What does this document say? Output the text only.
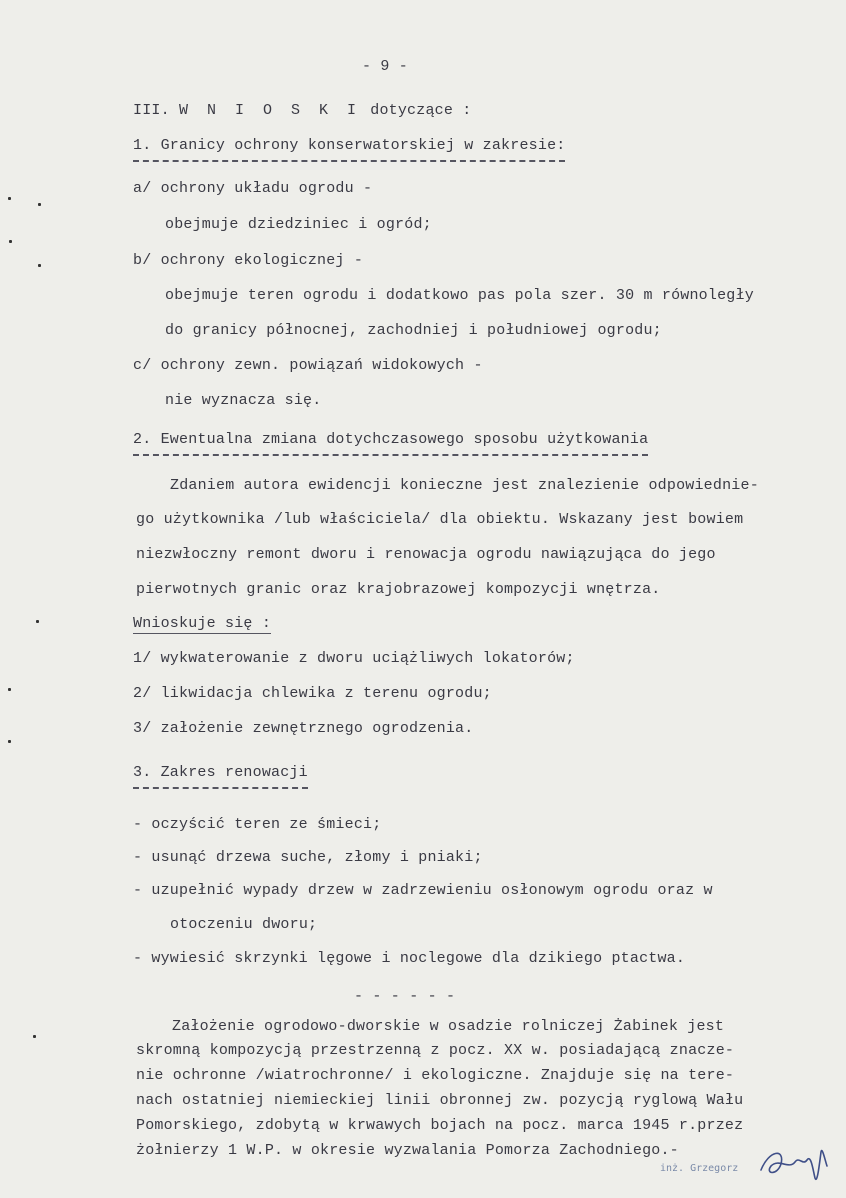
- 9 -
III. W N I O S K I dotyczące :
1. Granicy ochrony konserwatorskiej w zakresie:
a/ ochrony układu ogrodu -
obejmuje dziedziniec i ogród;
b/ ochrony ekologicznej -
obejmuje teren ogrodu i dodatkowo pas pola szer. 30 m równoległy
do granicy północnej, zachodniej i południowej ogrodu;
c/ ochrony zewn. powiązań widokowych -
nie wyznacza się.
2. Ewentualna zmiana dotychczasowego sposobu użytkowania
Zdaniem autora ewidencji konieczne jest znalezienie odpowiednie-
go użytkownika /lub właściciela/ dla obiektu. Wskazany jest bowiem
niezwłoczny remont dworu i renowacja ogrodu nawiązująca do jego
pierwotnych granic oraz krajobrazowej kompozycji wnętrza.
Wnioskuje się :
1/ wykwaterowanie z dworu uciążliwych lokatorów;
2/ likwidacja chlewika z terenu ogrodu;
3/ założenie zewnętrznego ogrodzenia.
3. Zakres renowacji
- oczyścić teren ze śmieci;
- usunąć drzewa suche, złomy i pniaki;
- uzupełnić wypady drzew w zadrzewieniu osłonowym ogrodu oraz w
otoczeniu dworu;
- wywiesić skrzynki lęgowe i noclegowe dla dzikiego ptactwa.
- - - - - -
Założenie ogrodowo-dworskie w osadzie rolniczej Żabinek jest
skromną kompozycją przestrzenną z pocz. XX w. posiadającą znacze-
nie ochronne /wiatrochronne/ i ekologiczne. Znajduje się na tere-
nach ostatniej niemieckiej linii obronnej zw. pozycją ryglową Wału
Pomorskiego, zdobytą w krwawych bojach na pocz. marca 1945 r.przez
żołnierzy 1 W.P. w okresie wyzwalania Pomorza Zachodniego.-
inż. Grzegorz
